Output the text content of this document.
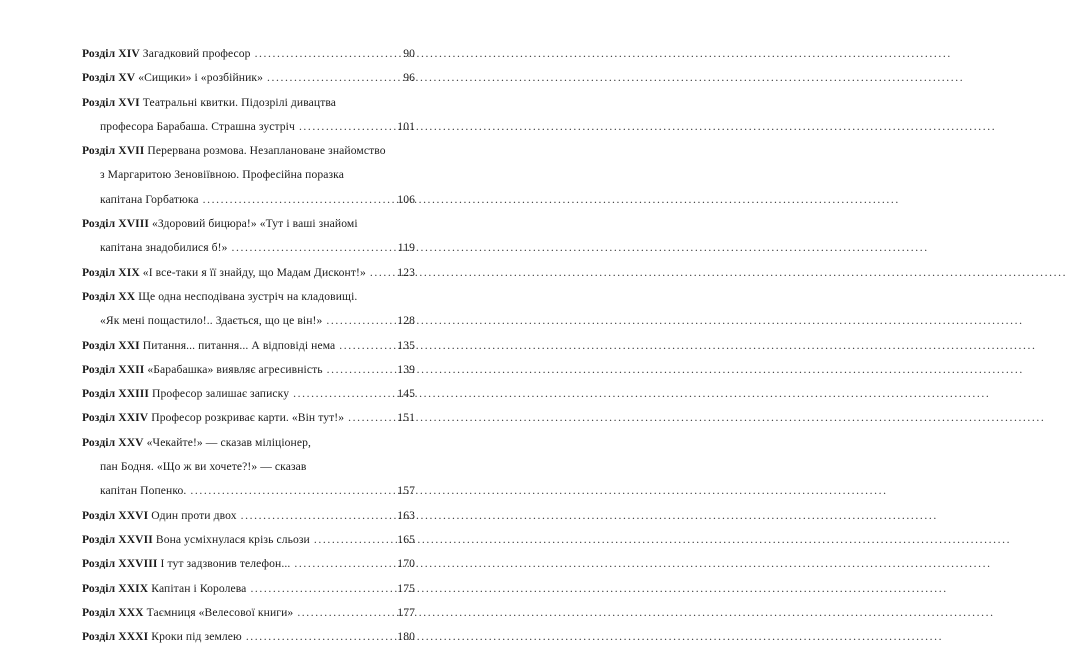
Розділ XIV Загадковий професор .....	90
Розділ XV «Сищики» і «розбійник» .....	96
Розділ XVI Театральні квитки. Підозрілі дивацтва
професора Барабаша. Страшна зустріч .....	101
Розділ XVII Перервана розмова. Незаплановане знайомство
з Маргаритою Зеновіївною. Професійна поразка
капітана Горбатюка .....	106
Розділ XVIII «Здоровий бицюра!» «Тут і ваші знайомі
капітана знадобилися б!» .....	119
Розділ XIX «І все-таки я її знайду, що Мадам Дисконт!» .....	123
Розділ XX Ще одна несподівана зустріч на кладовищі.
«Як мені пощастило!.. Здається, що це він!» .....	128
Розділ XXI Питання... питання... А відповіді нема .....	135
Розділ XXII «Барабашка» виявляє агресивність .....	139
Розділ XXIII Професор залишає записку .....	145
Розділ XXIV Професор розкриває карти. «Він тут!» .....	151
Розділ XXV «Чекайте!» — сказав міліціонер,
пан Бодня. «Що ж ви хочете?!» — сказав
капітан Попенко. .....	157
Розділ XXVI Один проти двох .....	163
Розділ XXVII Вона усміхнулася крізь сльози .....	165
Розділ XXVIII І тут задзвонив телефон... .....	170
Розділ XXIX Капітан і Королева .....	175
Розділ XXX Таємниця «Велесової книги» .....	177
Розділ XXXI Кроки під землею .....	180
